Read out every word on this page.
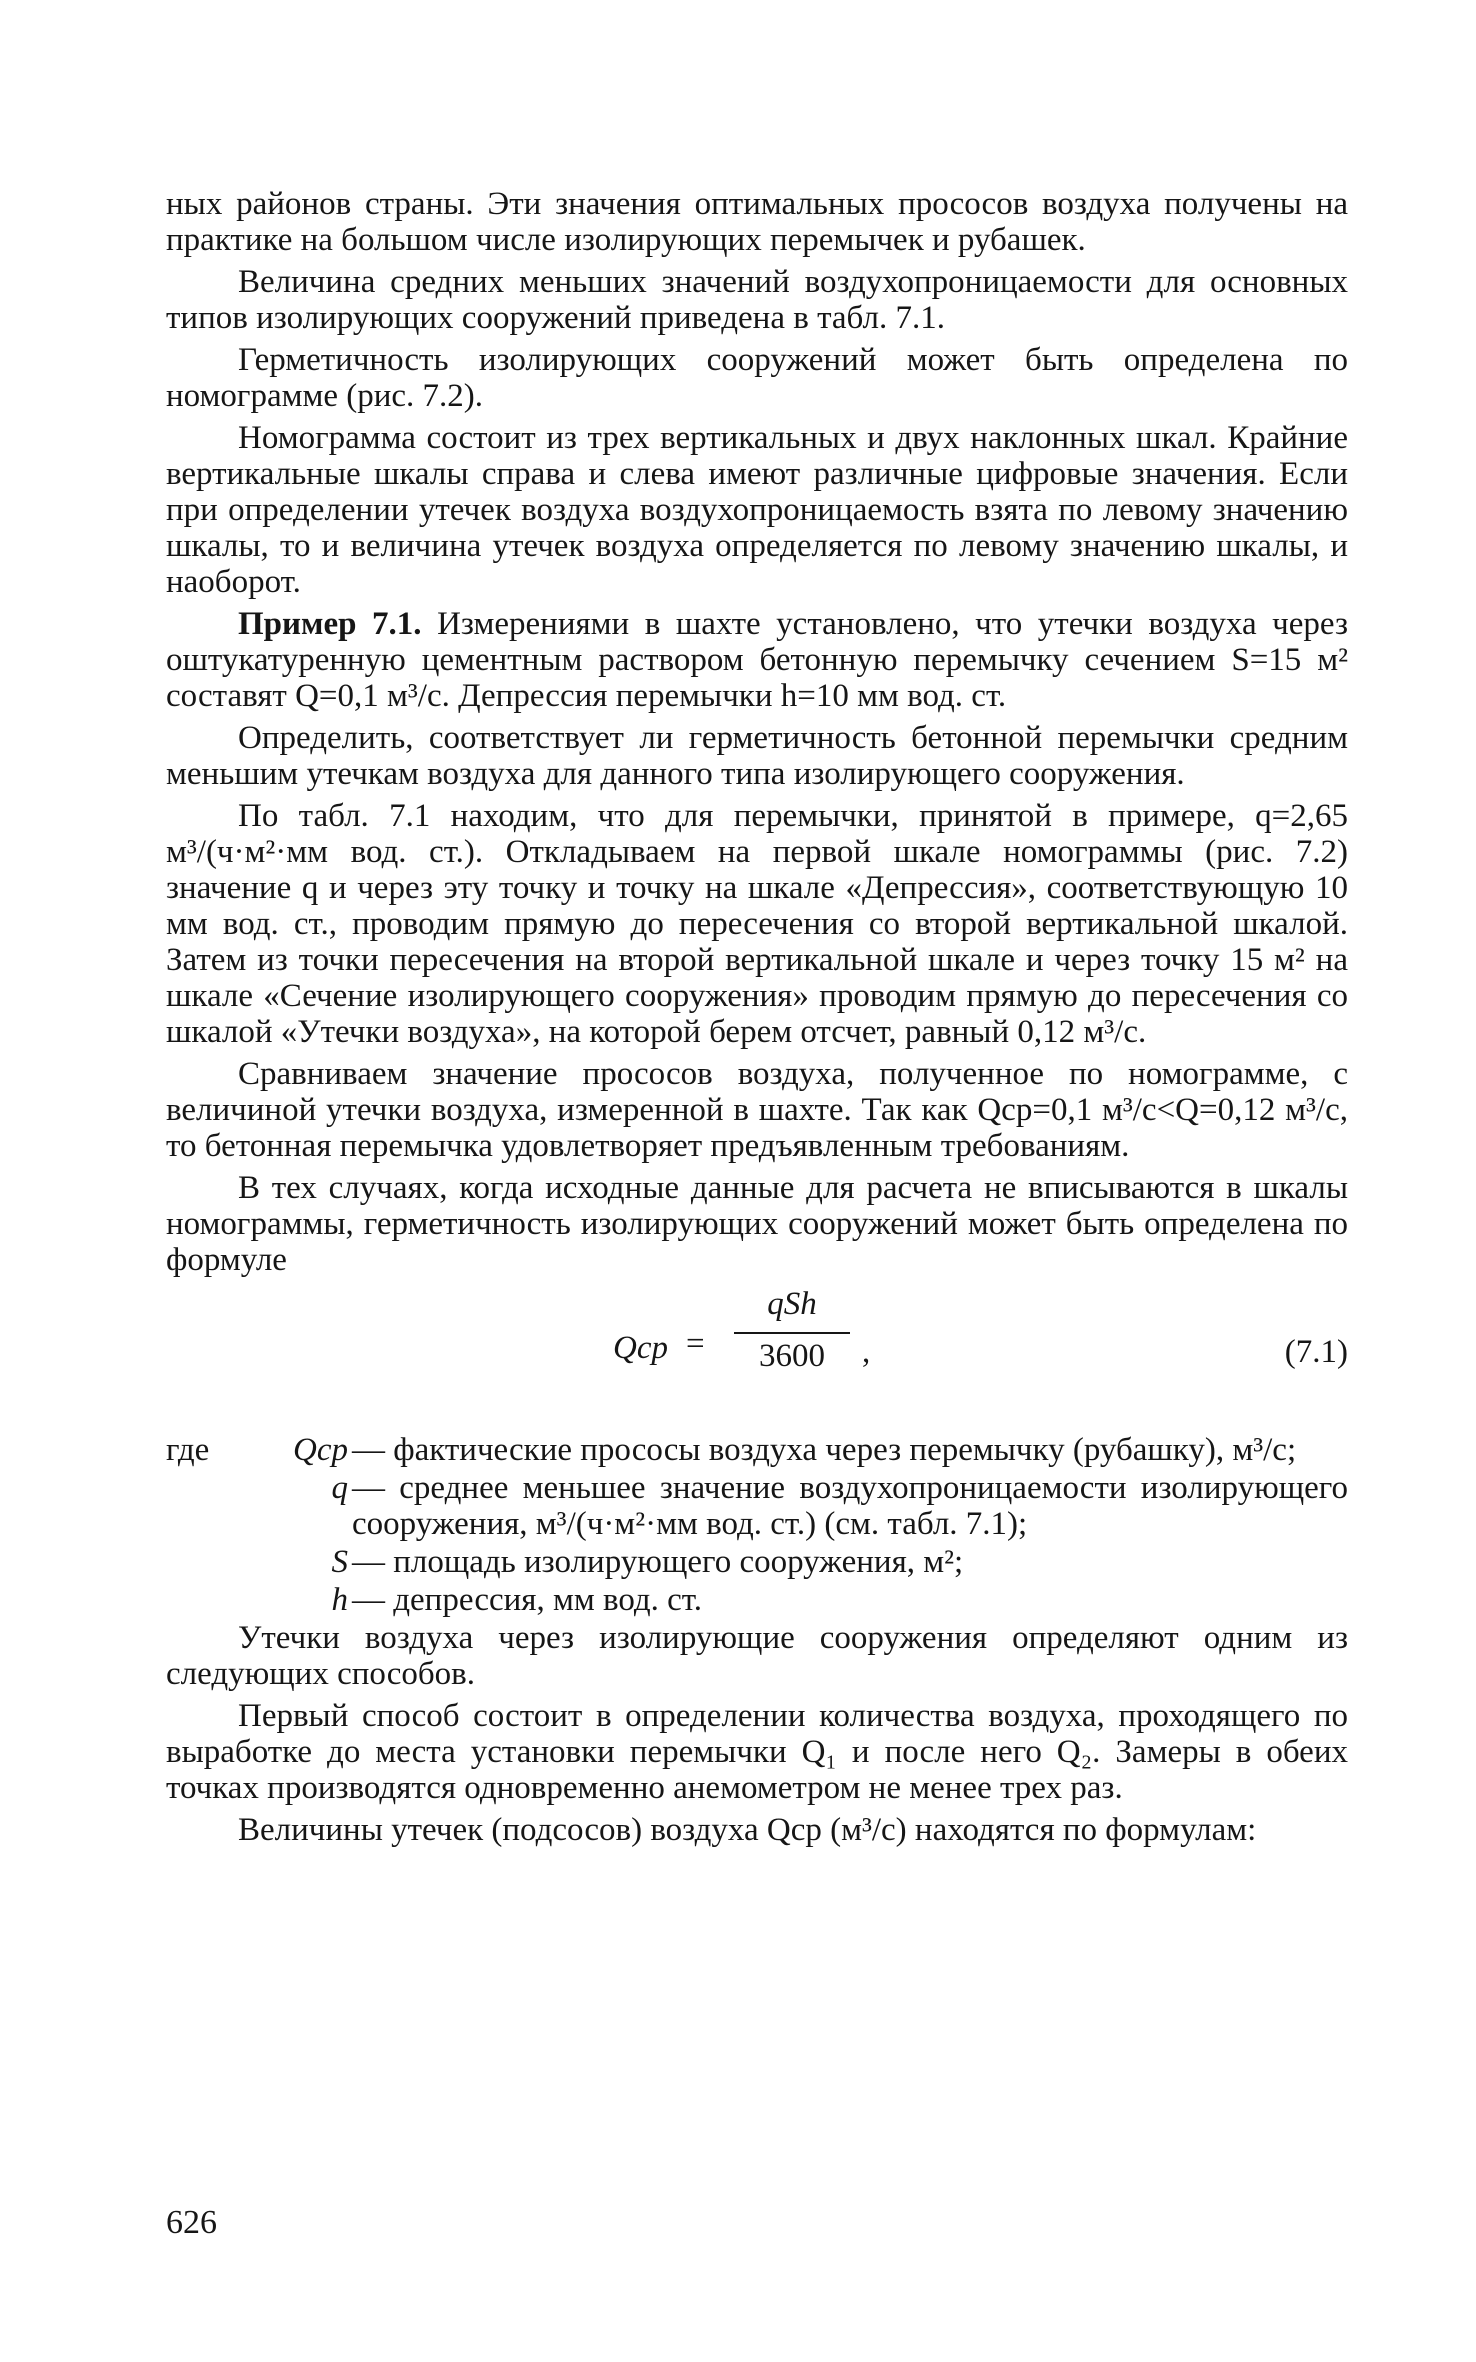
ных районов страны. Эти значения оптимальных прососов воздуха получены на практике на большом числе изолирующих перемычек и рубашек.

Величина средних меньших значений воздухопроницаемости для основных типов изолирующих сооружений приведена в табл. 7.1.

Герметичность изолирующих сооружений может быть определена по номограмме (рис. 7.2).

Номограмма состоит из трех вертикальных и двух наклонных шкал. Крайние вертикальные шкалы справа и слева имеют различные цифровые значения. Если при определении утечек воздуха воздухопроницаемость взята по левому значению шкалы, то и величина утечек воздуха определяется по левому значению шкалы, и наоборот.

Пример 7.1. Измерениями в шахте установлено, что утечки воздуха через оштукатуренную цементным раствором бетонную перемычку сечением S=15 м² составят Q=0,1 м³/с. Депрессия перемычки h=10 мм вод. ст.

Определить, соответствует ли герметичность бетонной перемычки средним меньшим утечкам воздуха для данного типа изолирующего сооружения.

По табл. 7.1 находим, что для перемычки, принятой в примере, q=2,65 м³/(ч·м²·мм вод. ст.). Откладываем на первой шкале номограммы (рис. 7.2) значение q и через эту точку и точку на шкале «Депрессия», соответствующую 10 мм вод. ст., проводим прямую до пересечения со второй вертикальной шкалой. Затем из точки пересечения на второй вертикальной шкале и через точку 15 м² на шкале «Сечение изолирующего сооружения» проводим прямую до пересечения со шкалой «Утечки воздуха», на которой берем отсчет, равный 0,12 м³/с.

Сравниваем значение прососов воздуха, полученное по номограмме, с величиной утечки воздуха, измеренной в шахте. Так как Qср=0,1 м³/с<Q=0,12 м³/с, то бетонная перемычка удовлетворяет предъявленным требованиям.

В тех случаях, когда исходные данные для расчета не вписываются в шкалы номограммы, герметичность изолирующих сооружений может быть определена по формуле

Qср =
qSh
3600	,	(7.1)
где	Qср — фактические прососы воздуха через перемычку (рубашку), м³/с;
q — среднее меньшее значение воздухопроницаемости изолирующего сооружения, м³/(ч·м²·мм вод. ст.) (см. табл. 7.1);
S — площадь изолирующего сооружения, м²;
h — депрессия, мм вод. ст.

Утечки воздуха через изолирующие сооружения определяют одним из следующих способов.

Первый способ состоит в определении количества воздуха, проходящего по выработке до места установки перемычки Q₁ и после него Q₂. Замеры в обеих точках производятся одновременно анемометром не менее трех раз.

Величины утечек (подсосов) воздуха Qср (м³/с) находятся по формулам:

626
